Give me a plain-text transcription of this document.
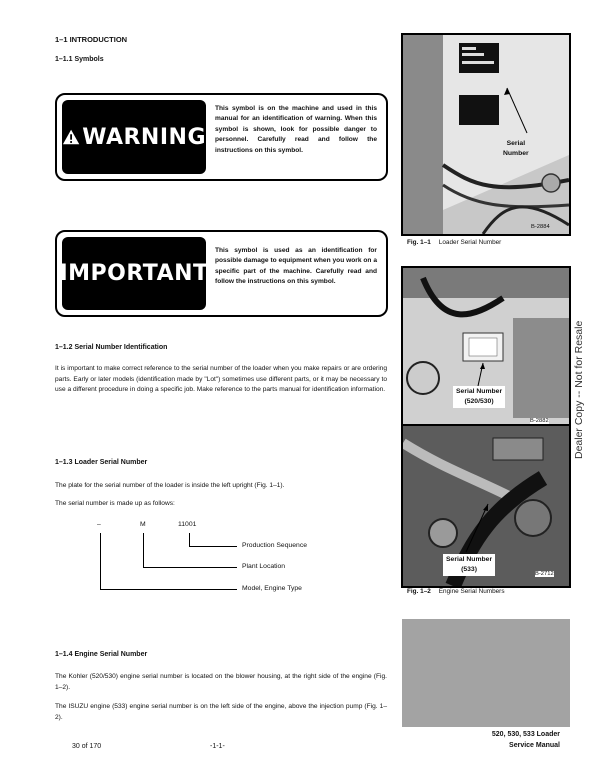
1–1 INTRODUCTION
1–1.1 Symbols
WARNING
This symbol is on the machine and used in this manual for an identification of warning. When this symbol is shown, look for possible danger to personnel. Carefully read and follow the instructions on this symbol.
IMPORTANT
This symbol is used as an identification for possible damage to equipment when you work on a specific part of the machine. Carefully read and follow the instructions on this symbol.
1–1.2 Serial Number Identification
It is important to make correct reference to the serial number of the loader when you make repairs or are ordering parts. Early or later models (identification made by "Lot") sometimes use different parts, or it may be necessary to use a different procedure in doing a specific job. Make reference to the parts manual for identification information.
1–1.3 Loader Serial Number
The plate for the serial number of the loader is inside the left upright (Fig. 1–1).
The serial number is made up as follows:
–	M	11001
Production Sequence
Plant Location
Model, Engine Type
1–1.4 Engine Serial Number
The Kohler (520/530) engine serial number is located on the blower housing, at the right side of the engine (Fig. 1–2).
The ISUZU engine (533) engine serial number is on the left side of the engine, above the injection pump (Fig. 1–2).
Serial
Number
B-2884
Fig. 1–1 Loader Serial Number
Serial Number
(520/530)
B-2882
Serial Number
(533)
B-2712
Fig. 1–2 Engine Serial Numbers
Dealer Copy -- Not for Resale
30 of 170	-1-1-
520, 530, 533 Loader
Service Manual
